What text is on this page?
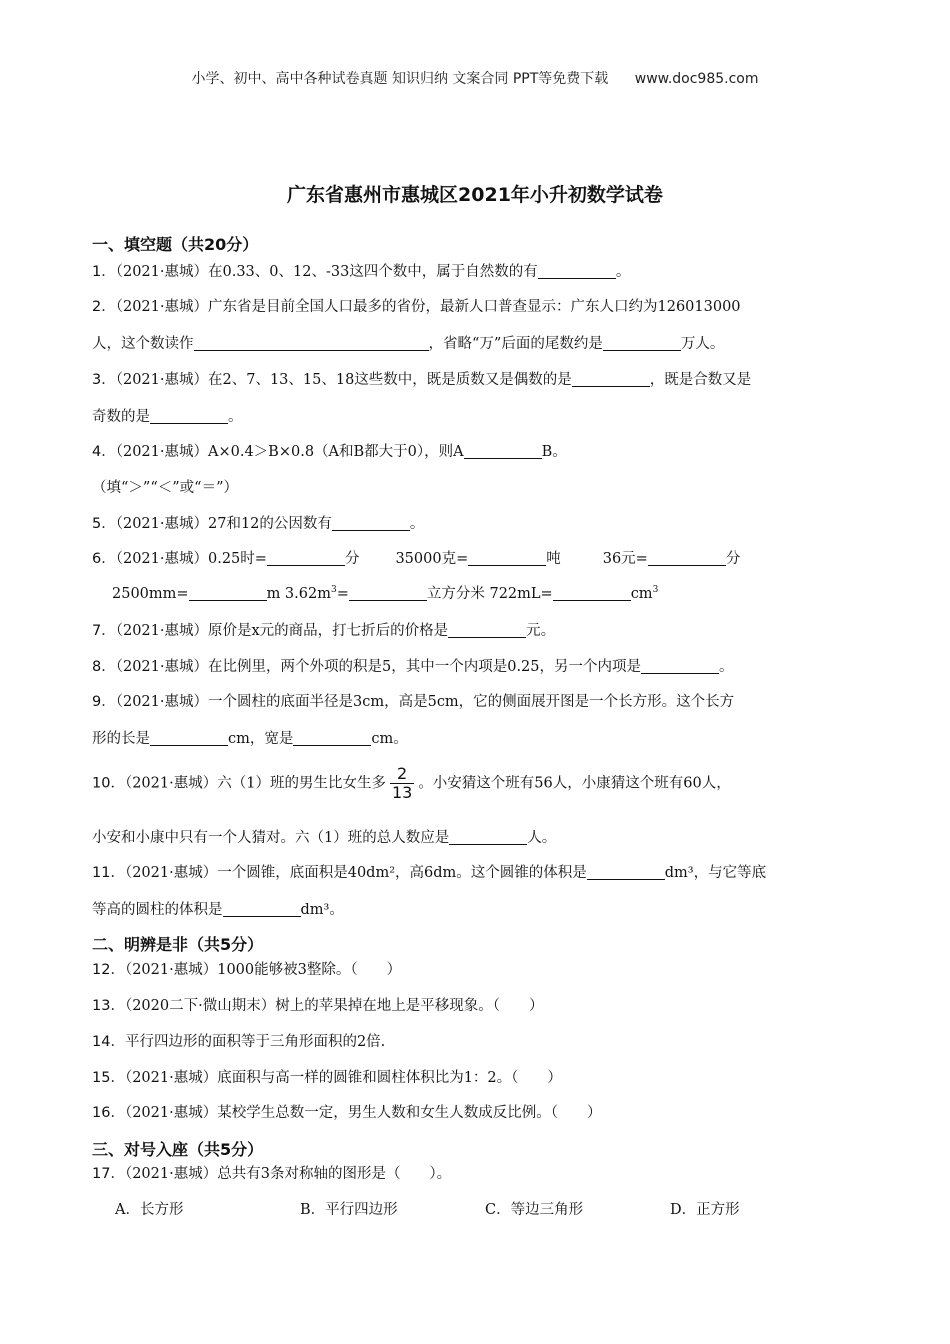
小学、初中、高中各种试卷真题 知识归纳 文案合同 PPT等免费下载 www.doc985.com
广东省惠州市惠城区2021年小升初数学试卷
一、填空题（共20分）
1．（2021·惠城）在0.33、0、12、-33这四个数中，属于自然数的有	。
2．（2021·惠城）广东省是目前全国人口最多的省份，最新人口普查显示：广东人口约为126013000
人，这个数读作	，省略“万”后面的尾数约是	万人。
3．（2021·惠城）在2、7、13、15、18这些数中，既是质数又是偶数的是	，既是合数又是
奇数的是	。
4．（2021·惠城）A×0.4＞B×0.8（A和B都大于0），则A	B。
（填“＞”“＜”或“＝”）
5．（2021·惠城）27和12的公因数有	。
6．（2021·惠城）0.25时=	分 35000克=	吨	36元=	分
2500mm=	m $3.62m^3=$	立方分米 722mL=	$cm^3$
7．（2021·惠城）原价是x元的商品，打七折后的价格是	元。
8．（2021·惠城）在比例里，两个外项的积是5，其中一个内项是0.25，另一个内项是	。
9．（2021·惠城）一个圆柱的底面半径是3cm，高是5cm，它的侧面展开图是一个长方形。这个长方
形的长是	cm，宽是	cm。
10．（2021·惠城）六（1）班的男生比女生多 $\frac{2}{13}$ 。小安猜这个班有56人，小康猜这个班有60人，
小安和小康中只有一个人猜对。六（1）班的总人数应是	人。
11．（2021·惠城）一个圆锥，底面积是40dm²，高6dm。这个圆锥的体积是	dm³，与它等底
等高的圆柱的体积是	dm³。
二、明辨是非（共5分）
12．（2021·惠城）1000能够被3整除。（　　）
13．（2020二下·微山期末）树上的苹果掉在地上是平移现象。（　　）
14．平行四边形的面积等于三角形面积的2倍.
15．（2021·惠城）底面积与高一样的圆锥和圆柱体积比为1：2。（　　）
16．（2021·惠城）某校学生总数一定，男生人数和女生人数成反比例。（　　）
三、对号入座（共5分）
17．（2021·惠城）总共有3条对称轴的图形是（　　）。
A．长方形	B．平行四边形	C．等边三角形	D．正方形
